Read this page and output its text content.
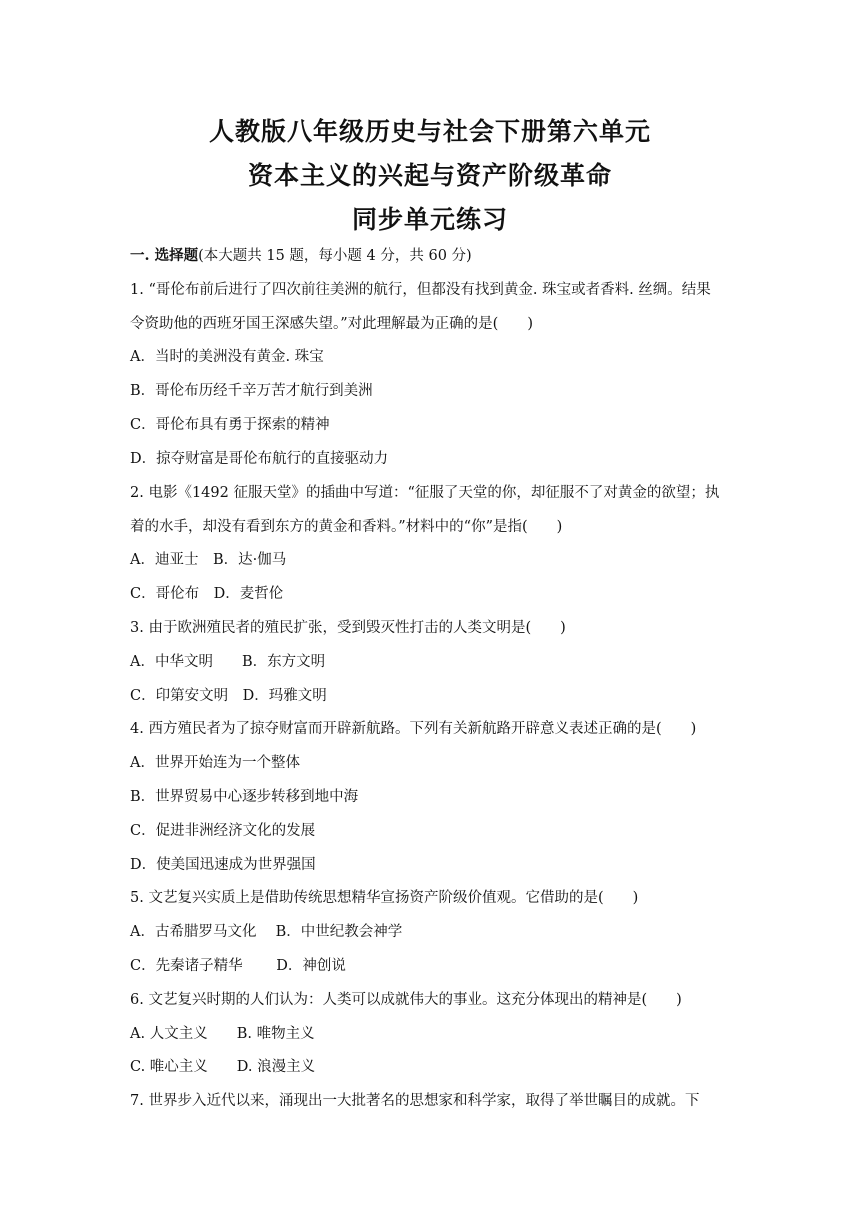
人教版八年级历史与社会下册第六单元
资本主义的兴起与资产阶级革命
同步单元练习
一. 选择题(本大题共 15 题，每小题 4 分，共 60 分)
1. “哥伦布前后进行了四次前往美洲的航行，但都没有找到黄金. 珠宝或者香料. 丝绸。结果
令资助他的西班牙国王深感失望。”对此理解最为正确的是(　　)
A．当时的美洲没有黄金. 珠宝
B．哥伦布历经千辛万苦才航行到美洲
C．哥伦布具有勇于探索的精神
D．掠夺财富是哥伦布航行的直接驱动力
2. 电影《1492 征服天堂》的插曲中写道：“征服了天堂的你，却征服不了对黄金的欲望；执
着的水手，却没有看到东方的黄金和香料。”材料中的“你”是指(　　)
A．迪亚士　B．达·伽马
C．哥伦布　D．麦哲伦
3. 由于欧洲殖民者的殖民扩张，受到毁灭性打击的人类文明是(　　)
A．中华文明　　B．东方文明
C．印第安文明　D．玛雅文明
4. 西方殖民者为了掠夺财富而开辟新航路。下列有关新航路开辟意义表述正确的是(　　)
A．世界开始连为一个整体
B．世界贸易中心逐步转移到地中海
C．促进非洲经济文化的发展
D．使美国迅速成为世界强国
5. 文艺复兴实质上是借助传统思想精华宣扬资产阶级价值观。它借助的是(　　)
A．古希腊罗马文化　 B．中世纪教会神学
C．先秦诸子精华　　 D．神创说
6. 文艺复兴时期的人们认为：人类可以成就伟大的事业。这充分体现出的精神是(　　)
A. 人文主义　　B. 唯物主义
C. 唯心主义　　D. 浪漫主义
7. 世界步入近代以来，涌现出一大批著名的思想家和科学家，取得了举世瞩目的成就。下
